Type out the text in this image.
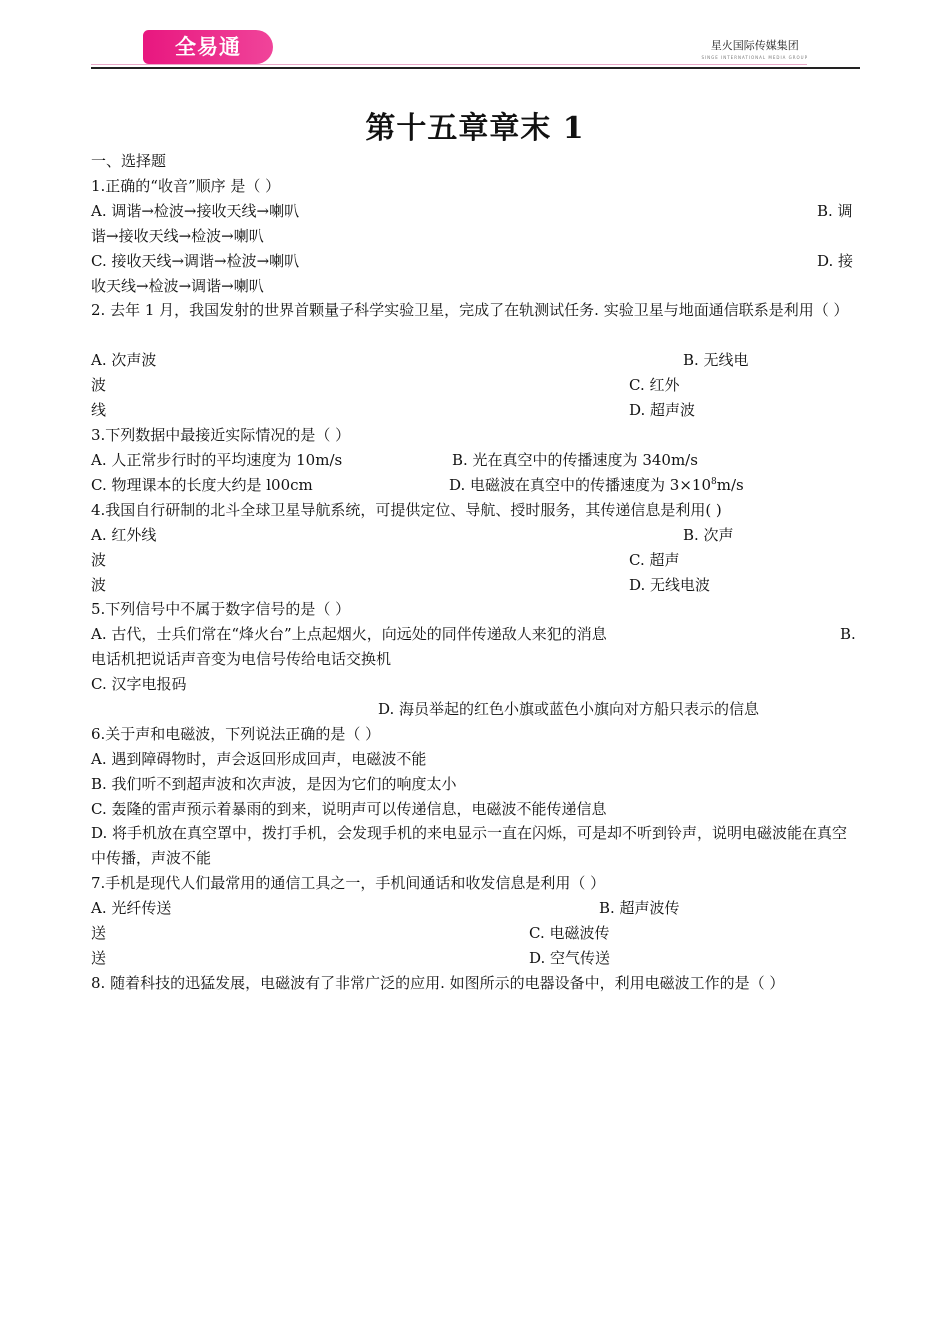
全易通	星火国际传媒集团
SINGE INTERNATIONAL MEDIA GROUP
第十五章章末 1
一、选择题
1.正确的“收音”顺序 是（ ）
A. 调谐→检波→接收天线→喇叭	B. 调
谐→接收天线→检波→喇叭
C. 接收天线→调谐→检波→喇叭	D. 接
收天线→检波→调谐→喇叭
2. 去年 1 月，我国发射的世界首颗量子科学实验卫星，完成了在轨测试任务. 实验卫星与地面通信联系是利用（ ）
A. 次声波	B. 无线电
波	C. 红外
线	D. 超声波
3.下列数据中最接近实际情况的是（ ）
A. 人正常步行时的平均速度为 10m/s	B. 光在真空中的传播速度为 340m/s
C. 物理课本的长度大约是 l00cm	D. 电磁波在真空中的传播速度为 $3\times 10^8m/s$
4.我国自行研制的北斗全球卫星导航系统，可提供定位、导航、授时服务，其传递信息是利用( )
A. 红外线	B. 次声
波	C. 超声
波	D. 无线电波
5.下列信号中不属于数字信号的是（ ）
A. 古代，士兵们常在“烽火台”上点起烟火，向远处的同伴传递敌人来犯的消息	B.
电话机把说话声音变为电信号传给电话交换机
C. 汉字电报码
D. 海员举起的红色小旗或蓝色小旗向对方船只表示的信息
6.关于声和电磁波，下列说法正确的是（ ）
A. 遇到障碍物时，声会返回形成回声，电磁波不能
B. 我们听不到超声波和次声波，是因为它们的响度太小
C. 轰隆的雷声预示着暴雨的到来，说明声可以传递信息，电磁波不能传递信息
D. 将手机放在真空罩中，拨打手机，会发现手机的来电显示一直在闪烁，可是却不听到铃声，说明电磁波能在真空中传播，声波不能
7.手机是现代人们最常用的通信工具之一，手机间通话和收发信息是利用（ ）
A. 光纤传送	B. 超声波传
送	C. 电磁波传
送	D. 空气传送
8. 随着科技的迅猛发展，电磁波有了非常广泛的应用. 如图所示的电器设备中，利用电磁波工作的是（ ）
